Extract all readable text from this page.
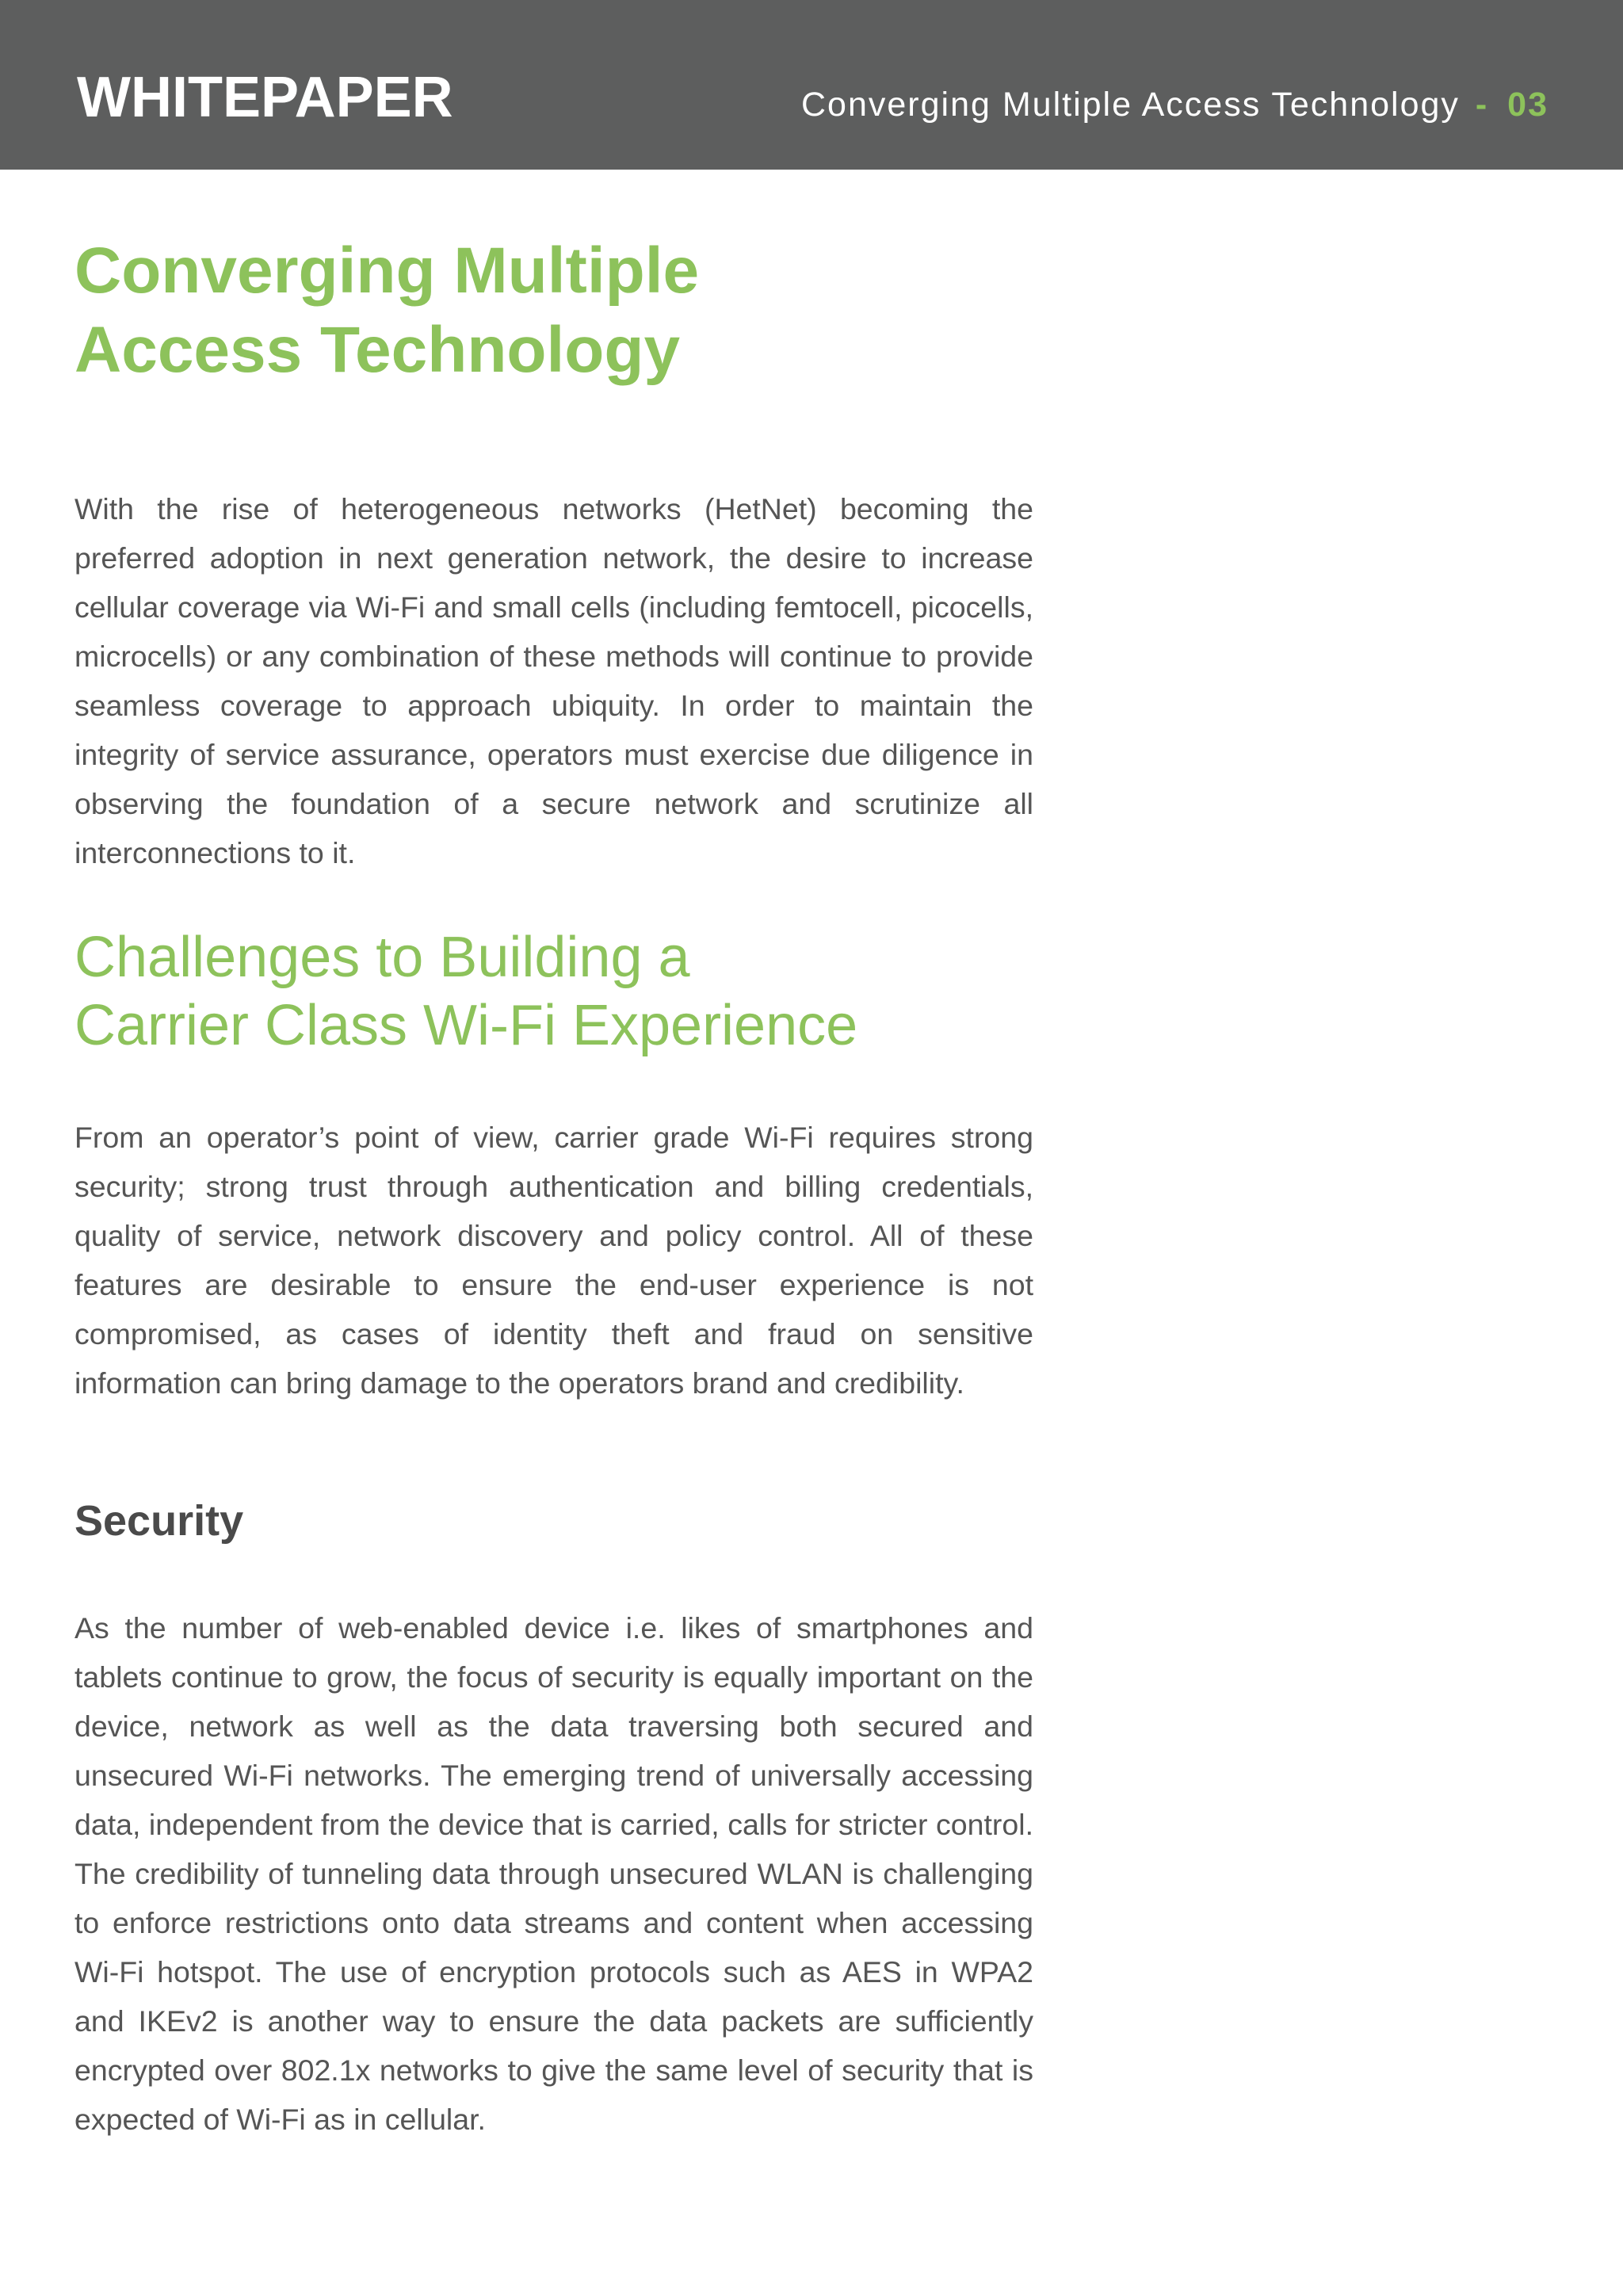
WHITEPAPER	Converging Multiple Access Technology - 03
Converging Multiple
Access Technology

With the rise of heterogeneous networks (HetNet) becoming the preferred adoption in next generation network, the desire to increase cellular coverage via Wi-Fi and small cells (including femtocell, picocells, microcells) or any combination of these methods will continue to provide seamless coverage to approach ubiquity. In order to maintain the integrity of service assurance, operators must exercise due diligence in observing the foundation of a secure network and scrutinize all interconnections to it.

Challenges to Building a
Carrier Class Wi-Fi Experience

From an operator’s point of view, carrier grade Wi-Fi requires strong security; strong trust through authentication and billing credentials, quality of service, network discovery and policy control. All of these features are desirable to ensure the end-user experience is not compromised, as cases of identity theft and fraud on sensitive information can bring damage to the operators brand and credibility.

Security

As the number of web-enabled device i.e. likes of smartphones and tablets continue to grow, the focus of security is equally important on the device, network as well as the data traversing both secured and unsecured Wi-Fi networks. The emerging trend of universally accessing data, independent from the device that is carried, calls for stricter control. The credibility of tunneling data through unsecured WLAN is challenging to enforce restrictions onto data streams and content when accessing Wi-Fi hotspot. The use of encryption protocols such as AES in WPA2 and IKEv2 is another way to ensure the data packets are sufficiently encrypted over 802.1x networks to give the same level of security that is expected of Wi-Fi as in cellular.
